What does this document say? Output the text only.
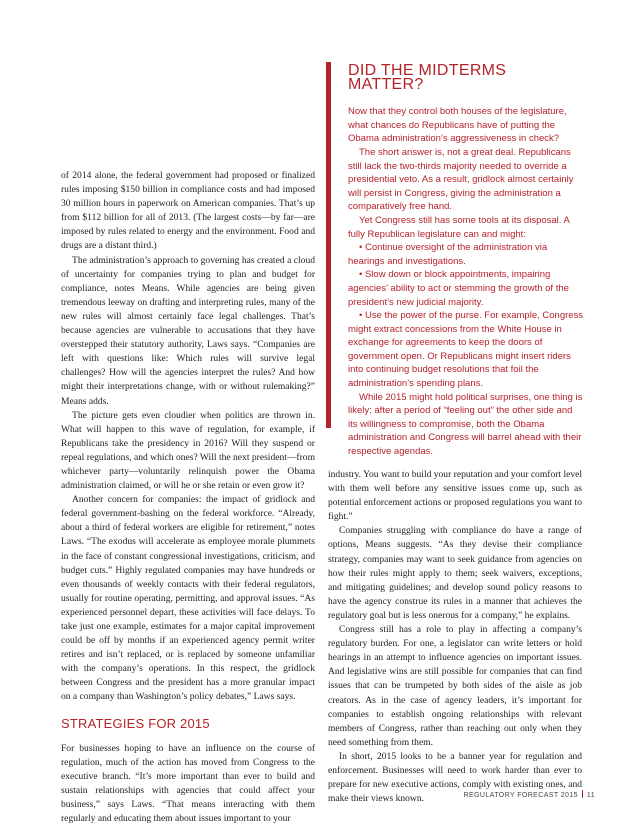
DID THE MIDTERMS MATTER?

Now that they control both houses of the legislature, what chances do Republicans have of putting the Obama administration’s aggressiveness in check?

The short answer is, not a great deal. Republicans still lack the two-thirds majority needed to override a presidential veto. As a result, gridlock almost certainly will persist in Congress, giving the administration a comparatively free hand.

Yet Congress still has some tools at its disposal. A fully Republican legislature can and might:

• Continue oversight of the administration via hearings and investigations.

• Slow down or block appointments, impairing agencies’ ability to act or stemming the growth of the president’s new judicial majority.

• Use the power of the purse. For example, Congress might extract concessions from the White House in exchange for agreements to keep the doors of government open. Or Republicans might insert riders into continuing budget resolutions that foil the administration’s spending plans.

While 2015 might hold political surprises, one thing is likely: after a period of “feeling out” the other side and its willingness to compromise, both the Obama administration and Congress will barrel ahead with their respective agendas.

of 2014 alone, the federal government had proposed or finalized rules imposing $150 billion in compliance costs and had imposed 30 million hours in paperwork on American companies. That’s up from $112 billion for all of 2013. (The largest costs—by far—are imposed by rules related to energy and the environment. Food and drugs are a distant third.)

The administration’s approach to governing has created a cloud of uncertainty for companies trying to plan and budget for compliance, notes Means. While agencies are being given tremendous leeway on drafting and interpreting rules, many of the new rules will almost certainly face legal challenges. That’s because agencies are vulnerable to accusations that they have overstepped their statutory authority, Laws says. “Companies are left with questions like: Which rules will survive legal challenges? How will the agencies interpret the rules? And how might their interpretations change, with or without rulemaking?” Means adds.

The picture gets even cloudier when politics are thrown in. What will happen to this wave of regulation, for example, if Republicans take the presidency in 2016? Will they suspend or repeal regulations, and which ones? Will the next president—from whichever party—voluntarily relinquish power the Obama administration claimed, or will he or she retain or even grow it?

Another concern for companies: the impact of gridlock and federal government-bashing on the federal workforce. “Already, about a third of federal workers are eligible for retirement,” notes Laws. “The exodus will accelerate as employee morale plummets in the face of constant congressional investigations, criticism, and budget cuts.” Highly regulated companies may have hundreds or even thousands of weekly contacts with their federal regulators, usually for routine operating, permitting, and approval issues. “As experienced personnel depart, these activities will face delays. To take just one example, estimates for a major capital improvement could be off by months if an experienced agency permit writer retires and isn’t replaced, or is replaced by someone unfamiliar with the company’s operations. In this respect, the gridlock between Congress and the president has a more granular impact on a company than Washington’s policy debates,” Laws says.

STRATEGIES FOR 2015

For businesses hoping to have an influence on the course of regulation, much of the action has moved from Congress to the executive branch. “It’s more important than ever to build and sustain relationships with agencies that could affect your business,” says Laws. “That means interacting with them regularly and educating them about issues important to your

industry. You want to build your reputation and your comfort level with them well before any sensitive issues come up, such as potential enforcement actions or proposed regulations you want to fight.”

Companies struggling with compliance do have a range of options, Means suggests. “As they devise their compliance strategy, companies may want to seek guidance from agencies on how their rules might apply to them; seek waivers, exceptions, and mitigating guidelines; and develop sound policy reasons to have the agency construe its rules in a manner that achieves the regulatory goal but is less onerous for a company,” he explains.

Congress still has a role to play in affecting a company’s regulatory burden. For one, a legislator can write letters or hold hearings in an attempt to influence agencies on important issues. And legislative wins are still possible for companies that can find issues that can be trumpeted by both sides of the aisle as job creators. As in the case of agency leaders, it’s important for companies to establish ongoing relationships with relevant members of Congress, rather than reaching out only when they need something from them.

In short, 2015 looks to be a banner year for regulation and enforcement. Businesses will need to work harder than ever to prepare for new executive actions, comply with existing ones, and make their views known.	REGULATORY FORECAST 2015 11
